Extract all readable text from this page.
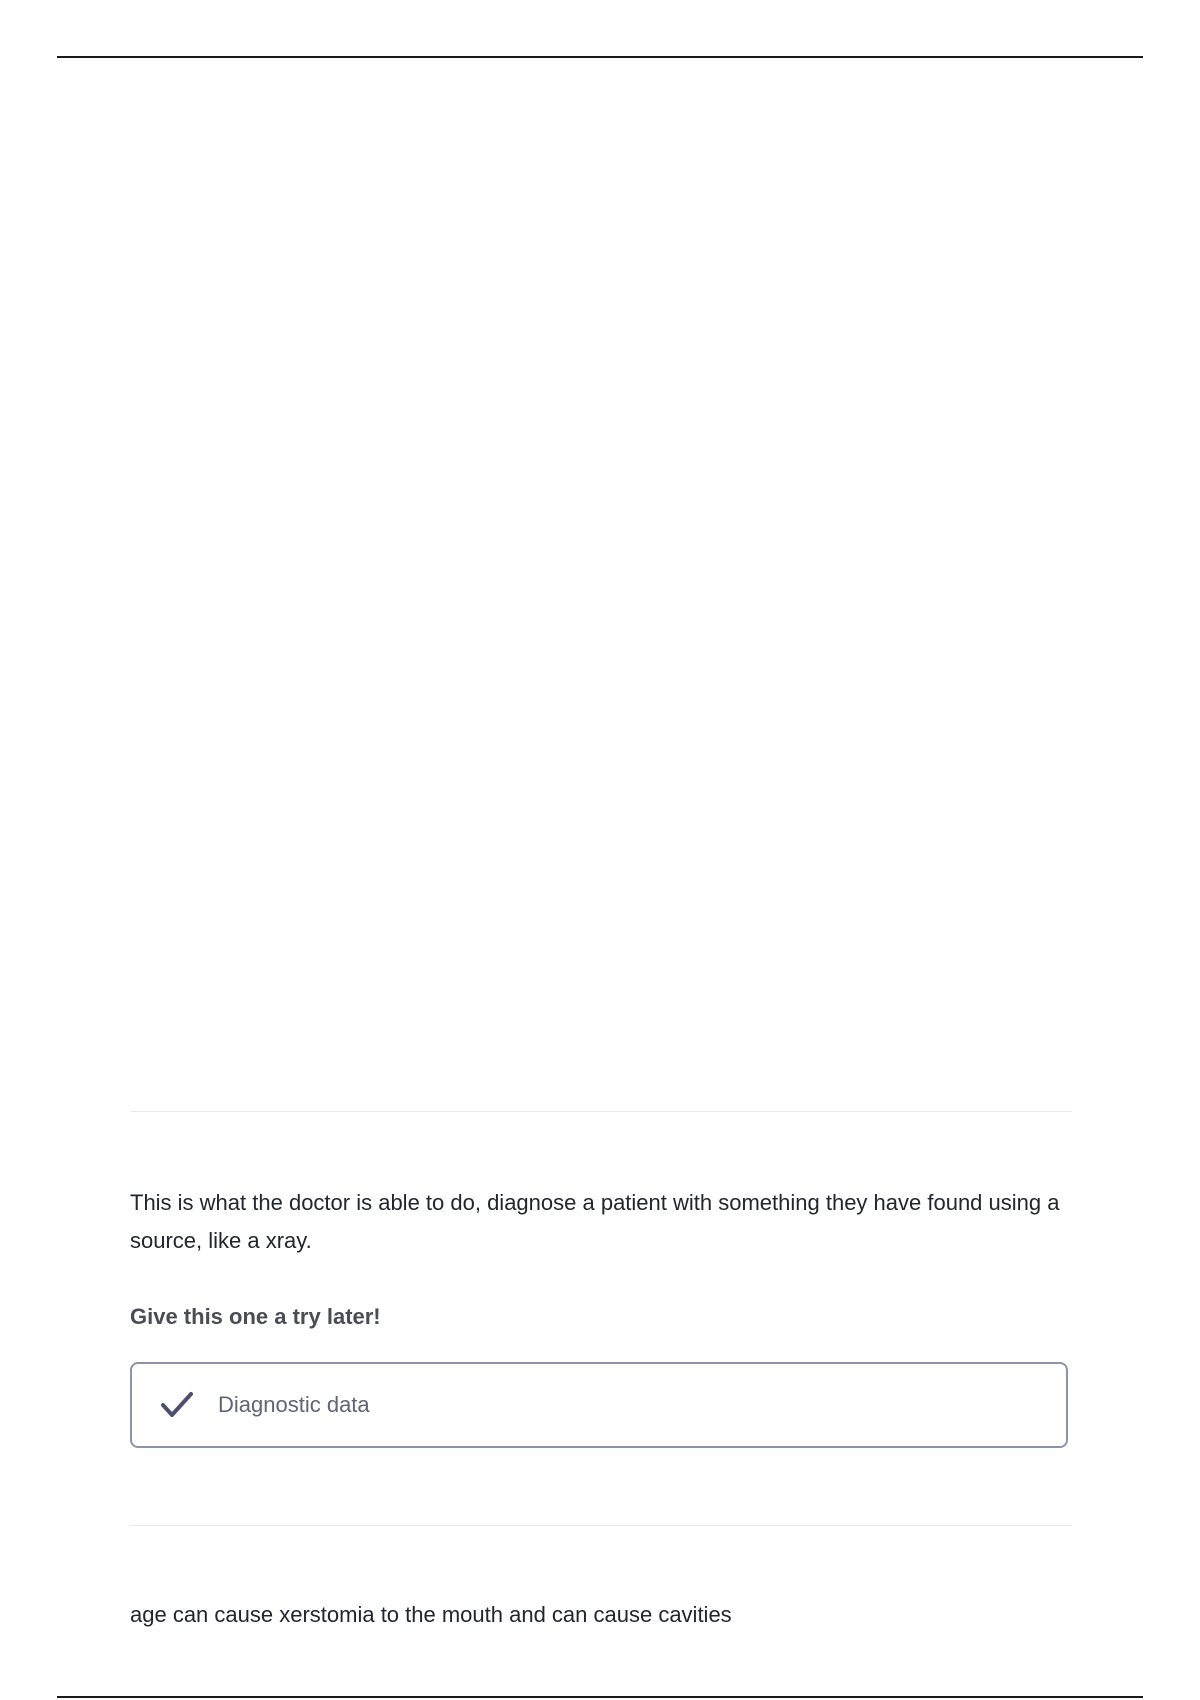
This is what the doctor is able to do, diagnose a patient with something they have found using a source, like a xray.
Give this one a try later!
Diagnostic data
age can cause xerstomia to the mouth and can cause cavities
